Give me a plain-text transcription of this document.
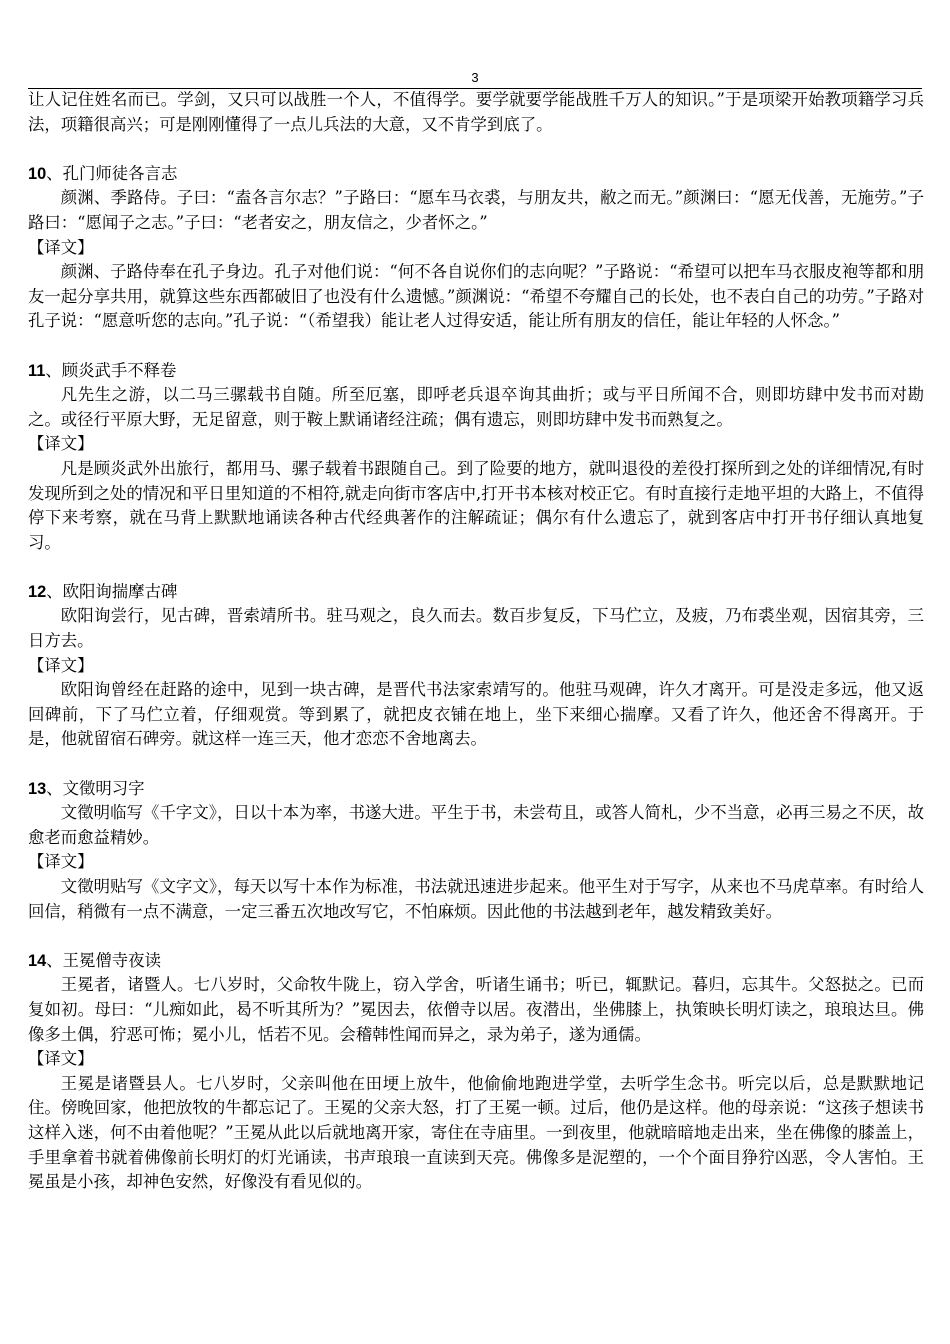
3

让人记住姓名而已。学剑，又只可以战胜一个人，不值得学。要学就要学能战胜千万人的知识。”于是项梁开始教项籍学习兵法，项籍很高兴；可是刚刚懂得了一点儿兵法的大意，又不肯学到底了。

10、孔门师徒各言志

颜渊、季路侍。子曰：“盍各言尔志？”子路曰：“愿车马衣裘，与朋友共，敝之而无。”颜渊曰：“愿无伐善，无施劳。”子路曰：“愿闻子之志。”子曰：“老者安之，朋友信之，少者怀之。”

【译文】

颜渊、子路侍奉在孔子身边。孔子对他们说：“何不各自说你们的志向呢？”子路说：“希望可以把车马衣服皮袍等都和朋友一起分享共用，就算这些东西都破旧了也没有什么遗憾。”颜渊说：“希望不夸耀自己的长处，也不表白自己的功劳。”子路对孔子说：“愿意听您的志向。”孔子说：“（希望我）能让老人过得安适，能让所有朋友的信任，能让年轻的人怀念。”

11、顾炎武手不释卷

凡先生之游，以二马三骡载书自随。所至厄塞，即呼老兵退卒询其曲折；或与平日所闻不合，则即坊肆中发书而对勘之。或径行平原大野，无足留意，则于鞍上默诵诸经注疏；偶有遗忘，则即坊肆中发书而熟复之。

【译文】

凡是顾炎武外出旅行，都用马、骡子载着书跟随自己。到了险要的地方，就叫退役的差役打探所到之处的详细情况,有时发现所到之处的情况和平日里知道的不相符,就走向街市客店中,打开书本核对校正它。有时直接行走地平坦的大路上，不值得停下来考察，就在马背上默默地诵读各种古代经典著作的注解疏证；偶尔有什么遗忘了，就到客店中打开书仔细认真地复习。

12、欧阳询揣摩古碑

欧阳询尝行，见古碑，晋索靖所书。驻马观之，良久而去。数百步复反，下马伫立，及疲，乃布裘坐观，因宿其旁，三日方去。

【译文】

欧阳询曾经在赶路的途中，见到一块古碑，是晋代书法家索靖写的。他驻马观碑，许久才离开。可是没走多远，他又返回碑前，下了马伫立着，仔细观赏。等到累了，就把皮衣铺在地上，坐下来细心揣摩。又看了许久，他还舍不得离开。于是，他就留宿石碑旁。就这样一连三天，他才恋恋不舍地离去。

13、文徵明习字

文徵明临写《千字文》，日以十本为率，书遂大进。平生于书，未尝苟且，或答人简札，少不当意，必再三易之不厌，故愈老而愈益精妙。

【译文】

文徵明贴写《文字文》，每天以写十本作为标准，书法就迅速进步起来。他平生对于写字，从来也不马虎草率。有时给人回信，稍微有一点不满意，一定三番五次地改写它，不怕麻烦。因此他的书法越到老年，越发精致美好。

14、王冕僧寺夜读

王冕者，诸暨人。七八岁时，父命牧牛陇上，窃入学舍，听诸生诵书；听已，辄默记。暮归，忘其牛。父怒挞之。已而复如初。母曰：“儿痴如此，曷不听其所为？”冕因去，依僧寺以居。夜潜出，坐佛膝上，执策映长明灯读之，琅琅达旦。佛像多土偶，狞恶可怖；冕小儿，恬若不见。会稽韩性闻而异之，录为弟子，遂为通儒。

【译文】

王冕是诸暨县人。七八岁时，父亲叫他在田埂上放牛，他偷偷地跑进学堂，去听学生念书。听完以后，总是默默地记住。傍晚回家，他把放牧的牛都忘记了。王冕的父亲大怒，打了王冕一顿。过后，他仍是这样。他的母亲说：“这孩子想读书这样入迷，何不由着他呢？”王冕从此以后就地离开家，寄住在寺庙里。一到夜里，他就暗暗地走出来，坐在佛像的膝盖上，手里拿着书就着佛像前长明灯的灯光诵读，书声琅琅一直读到天亮。佛像多是泥塑的，一个个面目狰狞凶恶，令人害怕。王冕虽是小孩，却神色安然，好像没有看见似的。
